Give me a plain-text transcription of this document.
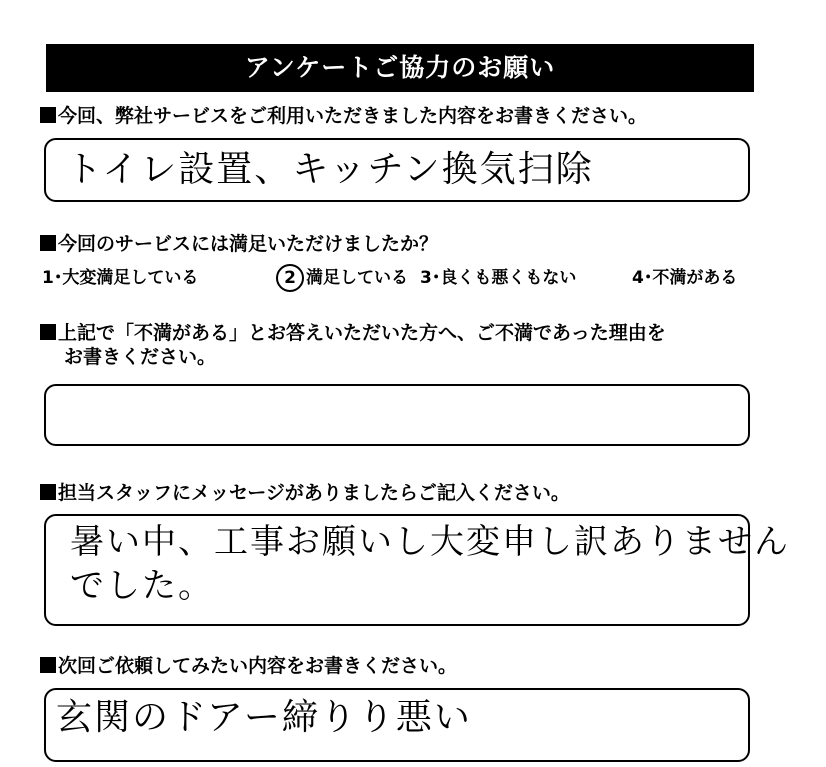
アンケートご協力のお願い
今回、弊社サービスをご利用いただきました内容をお書きください。
トイレ設置、キッチン換気扫除
今回のサービスには満足いただけましたか？
1･大変満足している	2 満足している 3･良くも悪くもない	4･不満がある
上記で「不満がある」とお答えいただいた方へ、ご不満であった理由を
お書きください。
担当スタッフにメッセージがありましたらご記入ください。
暑い中、工事お願いし大変申し訳ありません
でした。
次回ご依頼してみたい内容をお書きください。
玄関のドアー締りり悪い
